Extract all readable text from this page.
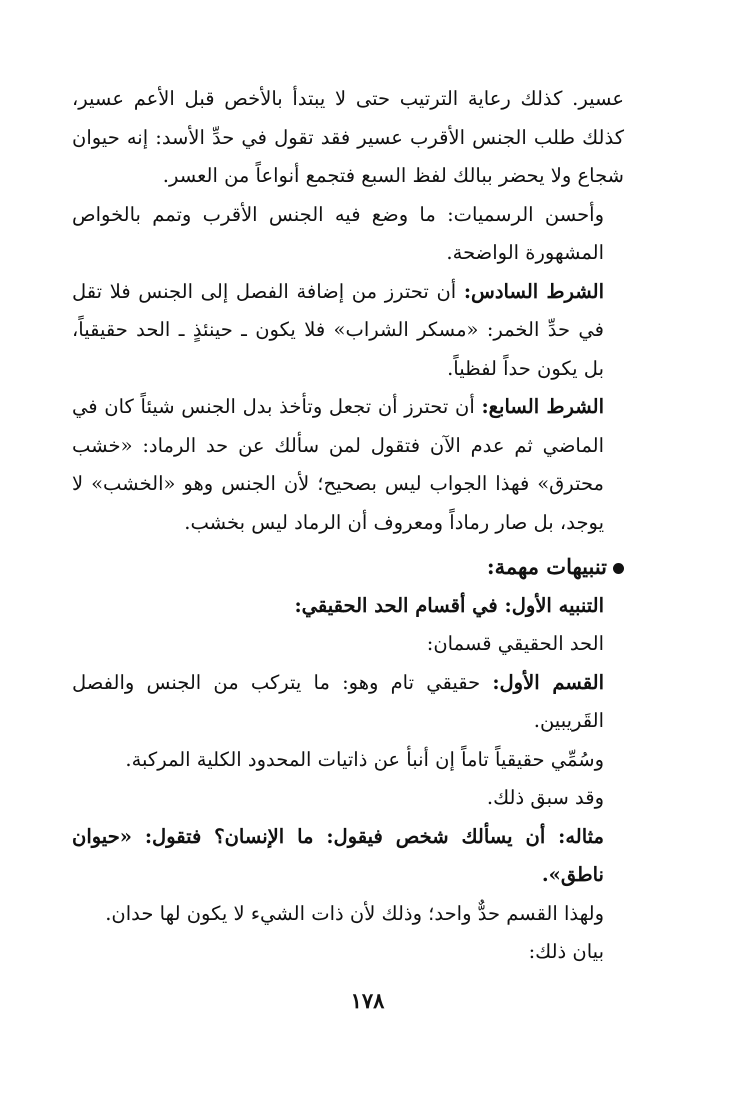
عسير. كذلك رعاية الترتيب حتى لا يبتدأ بالأخص قبل الأعم عسير، كذلك طلب الجنس الأقرب عسير فقد تقول في حدِّ الأسد: إنه حيوان شجاع ولا يحضر ببالك لفظ السبع فتجمع أنواعاً من العسر.

وأحسن الرسميات: ما وضع فيه الجنس الأقرب وتمم بالخواص المشهورة الواضحة.

الشرط السادس: أن تحترز من إضافة الفصل إلى الجنس فلا تقل في حدِّ الخمر: «مسكر الشراب» فلا يكون ـ حينئذٍ ـ الحد حقيقياً، بل يكون حداً لفظياً.

الشرط السابع: أن تحترز أن تجعل وتأخذ بدل الجنس شيئاً كان في الماضي ثم عدم الآن فتقول لمن سألك عن حد الرماد: «خشب محترق» فهذا الجواب ليس بصحيح؛ لأن الجنس وهو «الخشب» لا يوجد، بل صار رماداً ومعروف أن الرماد ليس بخشب.

تنبيهات مهمة:

التنبيه الأول: في أقسام الحد الحقيقي:

الحد الحقيقي قسمان:

القسم الأول: حقيقي تام وهو: ما يتركب من الجنس والفصل القَريبين.

وسُمِّي حقيقياً تاماً إن أنبأ عن ذاتيات المحدود الكلية المركبة.

وقد سبق ذلك.

مثاله: أن يسألك شخص فيقول: ما الإنسان؟ فتقول: «حيوان ناطق».

ولهذا القسم حدٌّ واحد؛ وذلك لأن ذات الشيء لا يكون لها حدان.

بيان ذلك:

١٧٨
